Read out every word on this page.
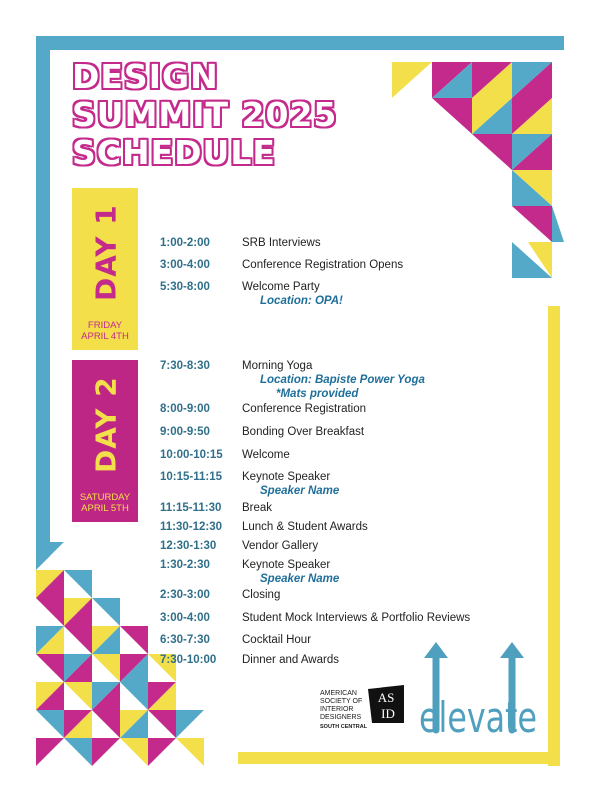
DESIGN
SUMMIT 2025
SCHEDULE
DAY 1
FRIDAY
APRIL 4TH
DAY 2
SATURDAY
APRIL 5TH
1:00-2:00	SRB Interviews
3:00-4:00	Conference Registration Opens
5:30-8:00	Welcome Party
Location: OPA!
7:30-8:30	Morning Yoga
Location: Bapiste Power Yoga
*Mats provided
8:00-9:00	Conference Registration
9:00-9:50	Bonding Over Breakfast
10:00-10:15 Welcome
10:15-11:15 Keynote Speaker
Speaker Name
11:15-11:30 Break
11:30-12:30 Lunch & Student Awards
12:30-1:30 Vendor Gallery
1:30-2:30	Keynote Speaker
Speaker Name
2:30-3:00	Closing
3:00-4:00	Student Mock Interviews & Portfolio Reviews
6:30-7:30	Cocktail Hour
7:30-10:00 Dinner and Awards
AMERICAN
SOCIETY OF
INTERIOR
DESIGNERS
SOUTH CENTRAL
AS
ID elevate
